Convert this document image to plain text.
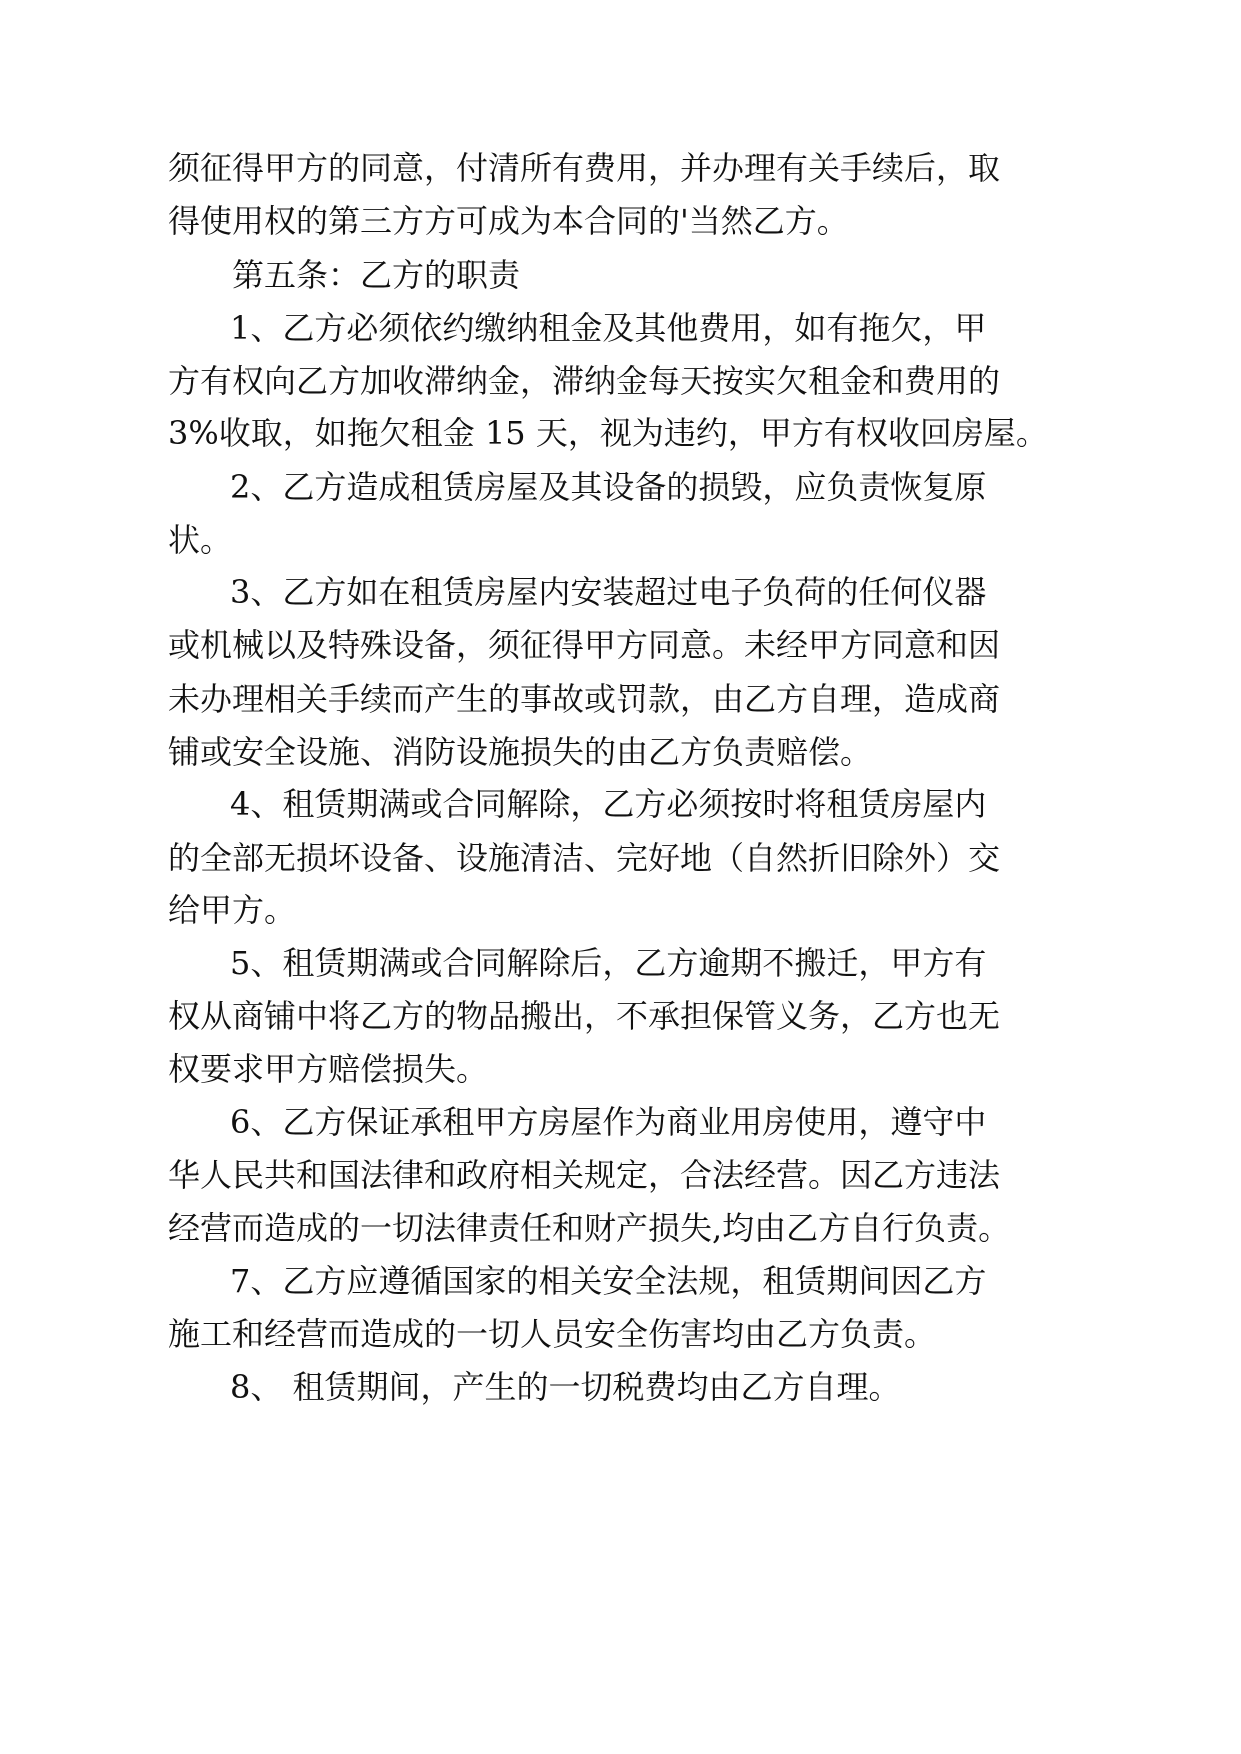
须征得甲方的同意，付清所有费用，并办理有关手续后，取
得使用权的第三方方可成为本合同的'当然乙方。
第五条：乙方的职责
1、乙方必须依约缴纳租金及其他费用，如有拖欠，甲
方有权向乙方加收滞纳金，滞纳金每天按实欠租金和费用的
3%收取，如拖欠租金 15 天，视为违约，甲方有权收回房屋。
2、乙方造成租赁房屋及其设备的损毁，应负责恢复原
状。
3、乙方如在租赁房屋内安装超过电子负荷的任何仪器
或机械以及特殊设备，须征得甲方同意。未经甲方同意和因
未办理相关手续而产生的事故或罚款，由乙方自理，造成商
铺或安全设施、消防设施损失的由乙方负责赔偿。
4、租赁期满或合同解除，乙方必须按时将租赁房屋内
的全部无损坏设备、设施清洁、完好地（自然折旧除外）交
给甲方。
5、租赁期满或合同解除后，乙方逾期不搬迁，甲方有
权从商铺中将乙方的物品搬出，不承担保管义务，乙方也无
权要求甲方赔偿损失。
6、乙方保证承租甲方房屋作为商业用房使用，遵守中
华人民共和国法律和政府相关规定，合法经营。因乙方违法
经营而造成的一切法律责任和财产损失,均由乙方自行负责。
7、乙方应遵循国家的相关安全法规，租赁期间因乙方
施工和经营而造成的一切人员安全伤害均由乙方负责。
8、 租赁期间，产生的一切税费均由乙方自理。
